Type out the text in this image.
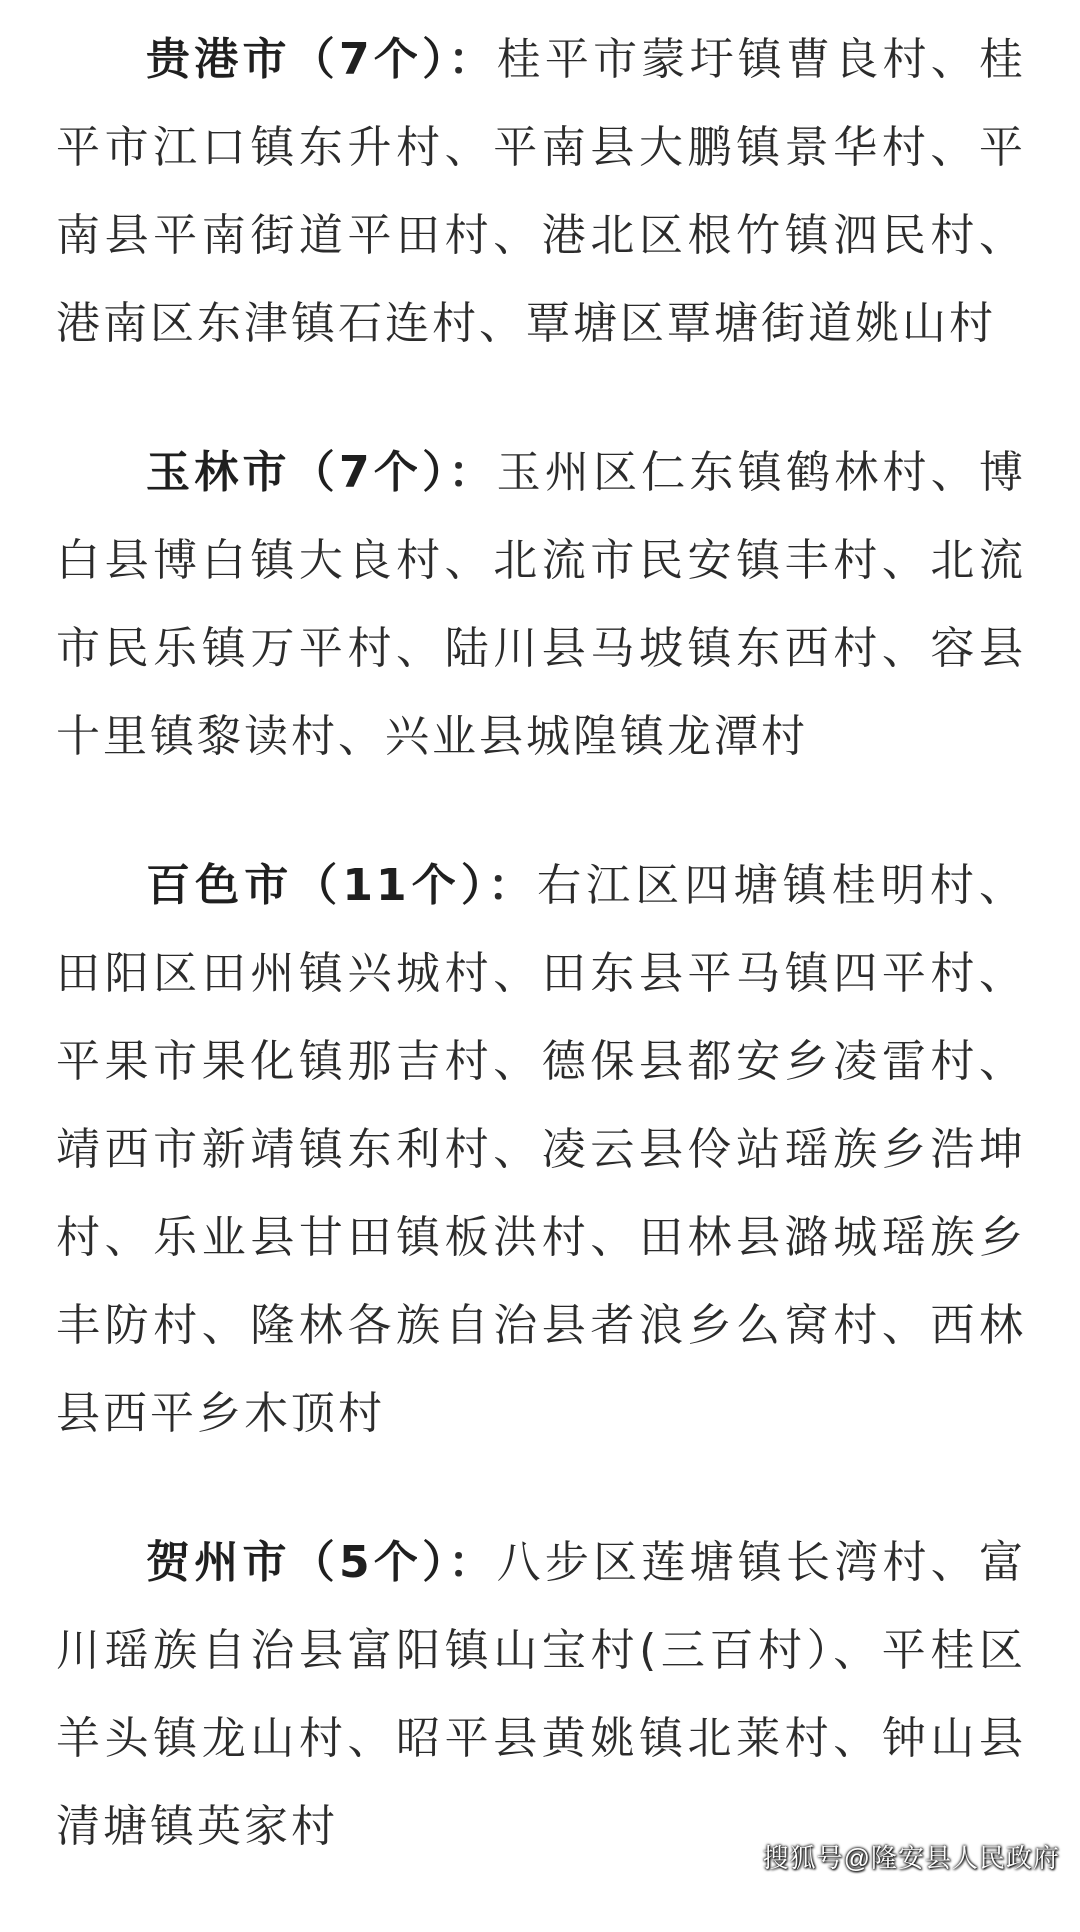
贵港市（7个）：桂平市蒙圩镇曹良村、桂平市江口镇东升村、平南县大鹏镇景华村、平南县平南街道平田村、港北区根竹镇泗民村、港南区东津镇石连村、覃塘区覃塘街道姚山村

玉林市（7个）：玉州区仁东镇鹤林村、博白县博白镇大良村、北流市民安镇丰村、北流市民乐镇万平村、陆川县马坡镇东西村、容县十里镇黎读村、兴业县城隍镇龙潭村

百色市（11个）：右江区四塘镇桂明村、田阳区田州镇兴城村、田东县平马镇四平村、平果市果化镇那吉村、德保县都安乡凌雷村、靖西市新靖镇东利村、凌云县伶站瑶族乡浩坤村、乐业县甘田镇板洪村、田林县潞城瑶族乡丰防村、隆林各族自治县者浪乡么窝村、西林县西平乡木顶村

贺州市（5个）：八步区莲塘镇长湾村、富川瑶族自治县富阳镇山宝村(三百村）、平桂区羊头镇龙山村、昭平县黄姚镇北莱村、钟山县清塘镇英家村

搜狐号@隆安县人民政府
